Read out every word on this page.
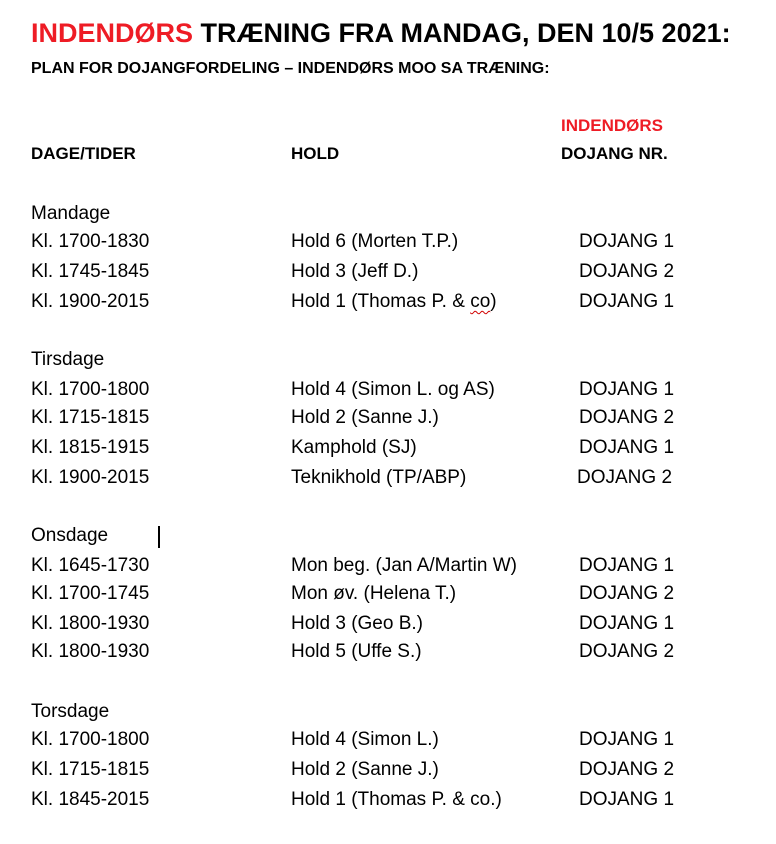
INDENDØRS TRÆNING FRA MANDAG, DEN 10/5 2021:
PLAN FOR DOJANGFORDELING – INDENDØRS MOO SA TRÆNING:
DAGE/TIDER	HOLD
INDENDØRS
DOJANG NR.
Mandage
Kl. 1700-1830	Hold 6 (Morten T.P.)	DOJANG 1
Kl. 1745-1845	Hold 3 (Jeff D.)	DOJANG 2
Kl. 1900-2015	Hold 1 (Thomas P. & co)	DOJANG 1
Tirsdage
Kl. 1700-1800	Hold 4 (Simon L. og AS)	DOJANG 1
Kl. 1715-1815	Hold 2 (Sanne J.)	DOJANG 2
Kl. 1815-1915	Kamphold (SJ)	DOJANG 1
Kl. 1900-2015	Teknikhold (TP/ABP)	DOJANG 2
Onsdage
Kl. 1645-1730	Mon beg. (Jan A/Martin W)	DOJANG 1
Kl. 1700-1745	Mon øv. (Helena T.)	DOJANG 2
Kl. 1800-1930	Hold 3 (Geo B.)	DOJANG 1
Kl. 1800-1930	Hold 5 (Uffe S.)	DOJANG 2
Torsdage
Kl. 1700-1800	Hold 4 (Simon L.)	DOJANG 1
Kl. 1715-1815	Hold 2 (Sanne J.)	DOJANG 2
Kl. 1845-2015	Hold 1 (Thomas P. & co.)	DOJANG 1
